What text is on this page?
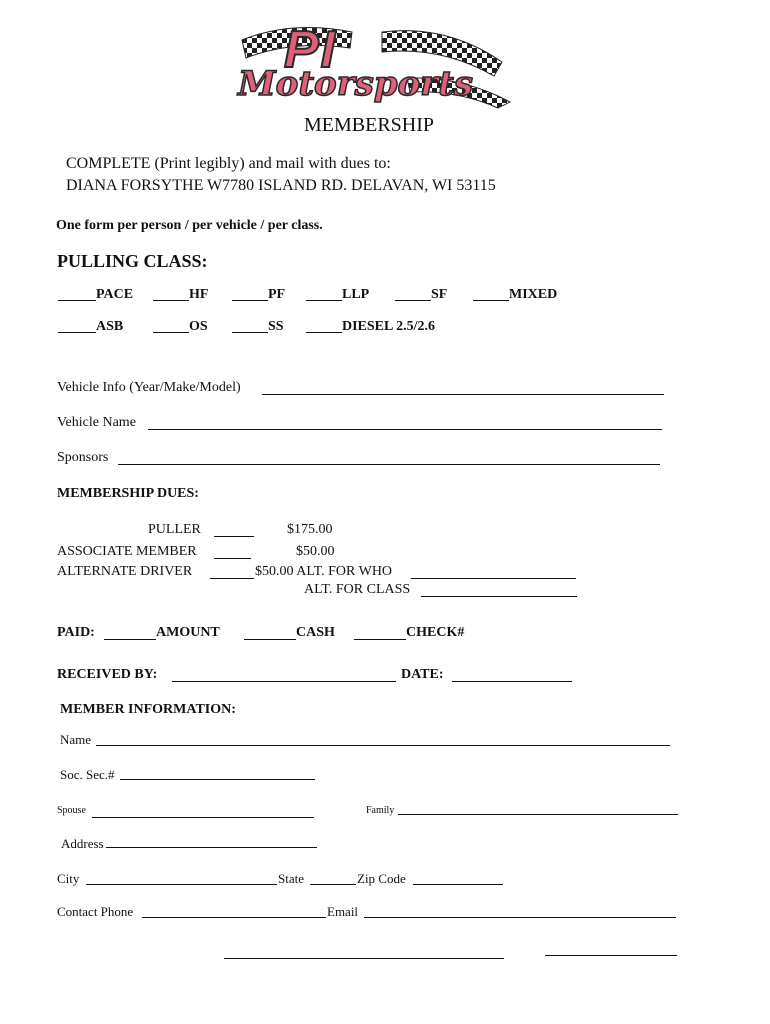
PI
Motorsports
MEMBERSHIP
COMPLETE (Print legibly) and mail with dues to:
DIANA FORSYTHE W7780 ISLAND RD. DELAVAN, WI 53115
One form per person / per vehicle / per class.
PULLING CLASS:
PACE	HF	PF	LLP	SF	MIXED
ASB	OS	SS	DIESEL 2.5/2.6
Vehicle Info (Year/Make/Model)
Vehicle Name
Sponsors
MEMBERSHIP DUES:
PULLER	$175.00
ASSOCIATE MEMBER	$50.00
ALTERNATE DRIVER	$50.00 ALT. FOR WHO
ALT. FOR CLASS
PAID:	AMOUNT	CASH	CHECK#
RECEIVED BY:	DATE:
MEMBER INFORMATION:
Name
Soc. Sec.#
Spouse	Family
Address
City	State	Zip Code
Contact Phone	Email
